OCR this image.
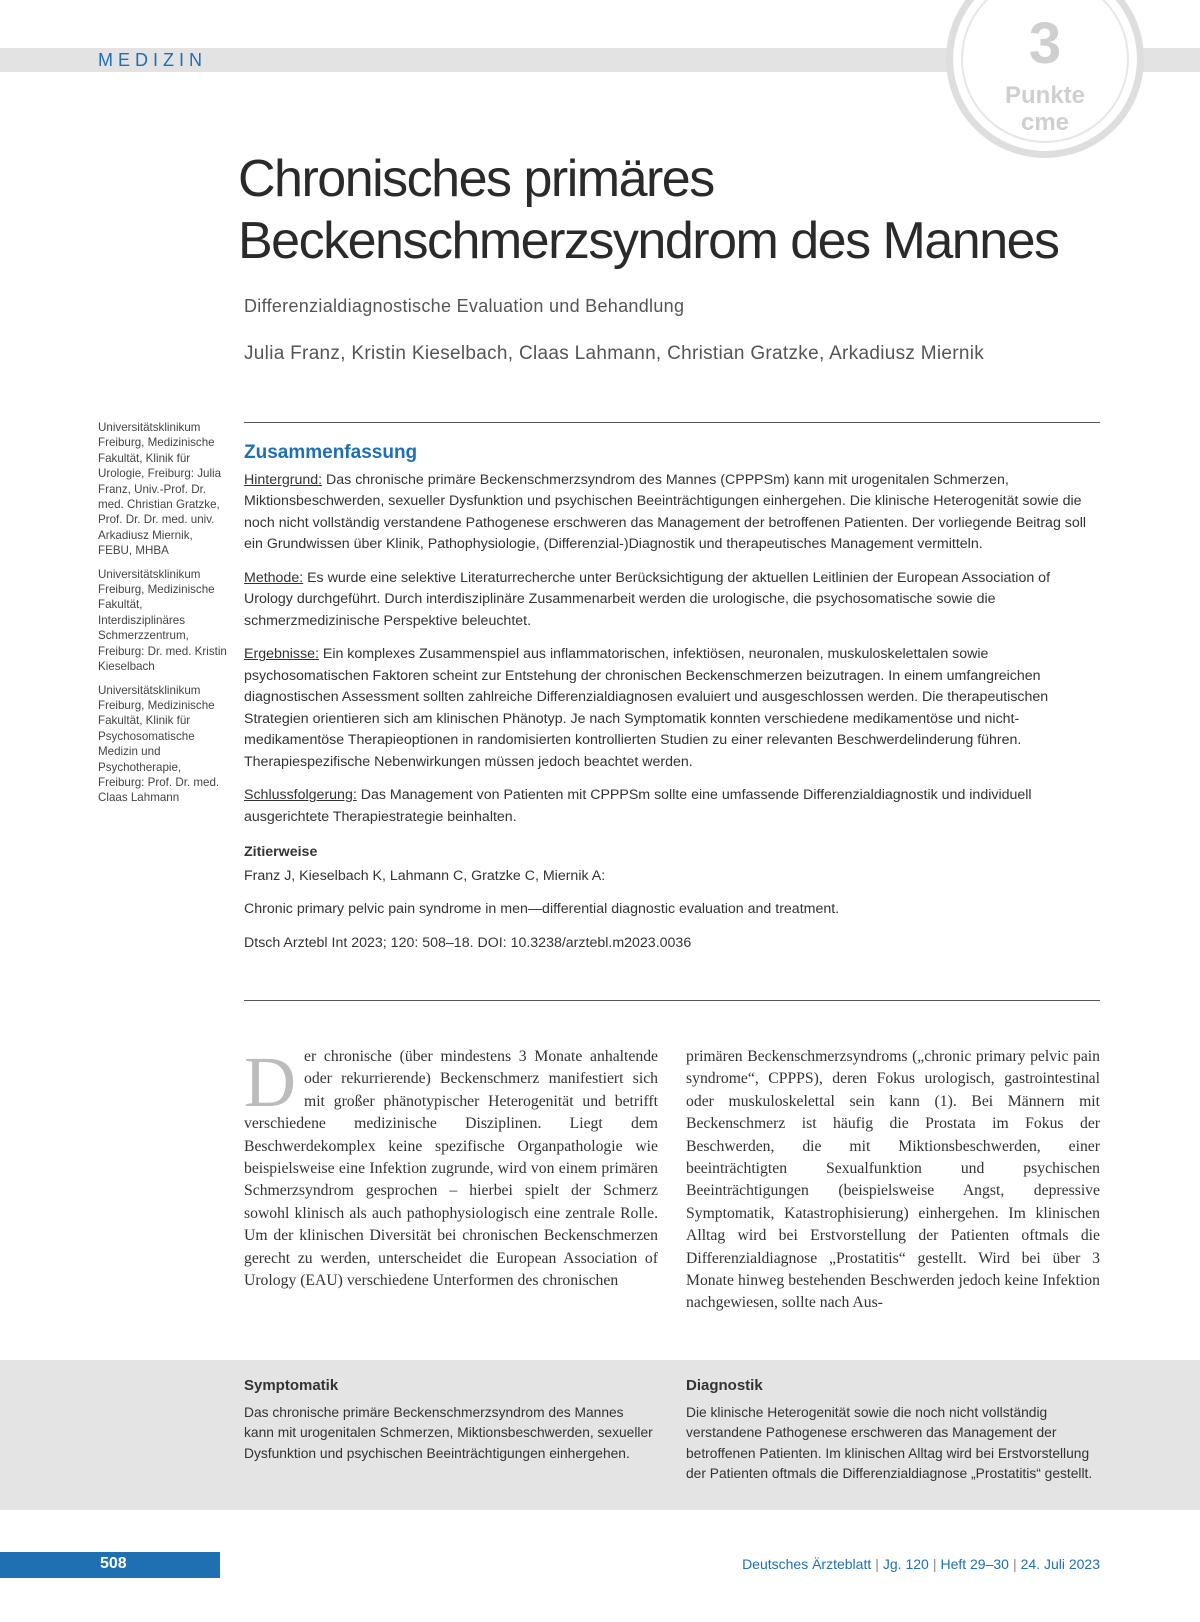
MEDIZIN	3
Punkte
cme
Chronisches primäres
Beckenschmerzsyndrom des Mannes
Differenzialdiagnostische Evaluation und Behandlung
Julia Franz, Kristin Kieselbach, Claas Lahmann, Christian Gratzke, Arkadiusz Miernik

Universitätsklinikum Freiburg, Medizinische Fakultät, Klinik für Urologie, Freiburg: Julia Franz, Univ.-Prof. Dr. med. Christian Gratzke, Prof. Dr. Dr. med. univ. Arkadiusz Miernik, FEBU, MHBA

Universitätsklinikum Freiburg, Medizinische Fakultät, Interdisziplinäres Schmerzzentrum, Freiburg: Dr. med. Kristin Kieselbach

Universitätsklinikum Freiburg, Medizinische Fakultät, Klinik für Psychosomatische Medizin und Psychotherapie, Freiburg: Prof. Dr. med. Claas Lahmann

Zusammenfassung

Hintergrund: Das chronische primäre Beckenschmerzsyndrom des Mannes (CPPPSm) kann mit urogenitalen Schmerzen, Miktionsbeschwerden, sexueller Dysfunktion und psychischen Beeinträchtigungen einhergehen. Die klinische Heterogenität sowie die noch nicht vollständig verstandene Pathogenese erschweren das Management der betroffenen Patienten. Der vorliegende Beitrag soll ein Grundwissen über Klinik, Pathophysiologie, (Differenzial-)Diagnostik und therapeutisches Management vermitteln.

Methode: Es wurde eine selektive Literaturrecherche unter Berücksichtigung der aktuellen Leitlinien der European Association of Urology durchgeführt. Durch interdisziplinäre Zusammenarbeit werden die urologische, die psychosomatische sowie die schmerzmedizinische Perspektive beleuchtet.

Ergebnisse: Ein komplexes Zusammenspiel aus inflammatorischen, infektiösen, neuronalen, muskuloskelettalen sowie psychosomatischen Faktoren scheint zur Entstehung der chronischen Beckenschmerzen beizutragen. In einem umfangreichen diagnostischen Assessment sollten zahlreiche Differenzialdiagnosen evaluiert und ausgeschlossen werden. Die therapeutischen Strategien orientieren sich am klinischen Phänotyp. Je nach Symptomatik konnten verschiedene medikamentöse und nicht-medikamentöse Therapieoptionen in randomisierten kontrollierten Studien zu einer relevanten Beschwerdelinderung führen. Therapiespezifische Nebenwirkungen müssen jedoch beachtet werden.

Schlussfolgerung: Das Management von Patienten mit CPPPSm sollte eine umfassende Differenzialdiagnostik und individuell ausgerichtete Therapiestrategie beinhalten.

Zitierweise

Franz J, Kieselbach K, Lahmann C, Gratzke C, Miernik A:

Chronic primary pelvic pain syndrome in men—differential diagnostic evaluation and treatment.

Dtsch Arztebl Int 2023; 120: 508–18. DOI: 10.3238/arztebl.m2023.0036

Der chronische (über mindestens 3 Monate anhaltende oder rekurrierende) Beckenschmerz manifestiert sich mit großer phänotypischer Heterogenität und betrifft verschiedene medizinische Disziplinen. Liegt dem Beschwerdekomplex keine spezifische Organpathologie wie beispielsweise eine Infektion zugrunde, wird von einem primären Schmerzsyndrom gesprochen – hierbei spielt der Schmerz sowohl klinisch als auch pathophysiologisch eine zentrale Rolle. Um der klinischen Diversität bei chronischen Beckenschmerzen gerecht zu werden, unterscheidet die European Association of Urology (EAU) verschiedene Unterformen des chronischen
primären Beckenschmerzsyndroms („chronic primary pelvic pain syndrome“, CPPPS), deren Fokus urologisch, gastrointestinal oder muskuloskelettal sein kann (1). Bei Männern mit Beckenschmerz ist häufig die Prostata im Fokus der Beschwerden, die mit Miktionsbeschwerden, einer beeinträchtigten Sexualfunktion und psychischen Beeinträchtigungen (beispielsweise Angst, depressive Symptomatik, Katastrophisierung) einhergehen. Im klinischen Alltag wird bei Erstvorstellung der Patienten oftmals die Differenzialdiagnose „Prostatitis“ gestellt. Wird bei über 3 Monate hinweg bestehenden Beschwerden jedoch keine Infektion nachgewiesen, sollte nach Aus-
Symptomatik
Das chronische primäre Beckenschmerzsyndrom des Mannes kann mit urogenitalen Schmerzen, Miktionsbeschwerden, sexueller Dysfunktion und psychischen Beeinträchtigungen einhergehen.
Diagnostik
Die klinische Heterogenität sowie die noch nicht vollständig verstandene Pathogenese erschweren das Management der betroffenen Patienten. Im klinischen Alltag wird bei Erstvorstellung der Patienten oftmals die Differenzialdiagnose „Prostatitis“ gestellt.
508	Deutsches Ärzteblatt | Jg. 120 | Heft 29–30 | 24. Juli 2023
